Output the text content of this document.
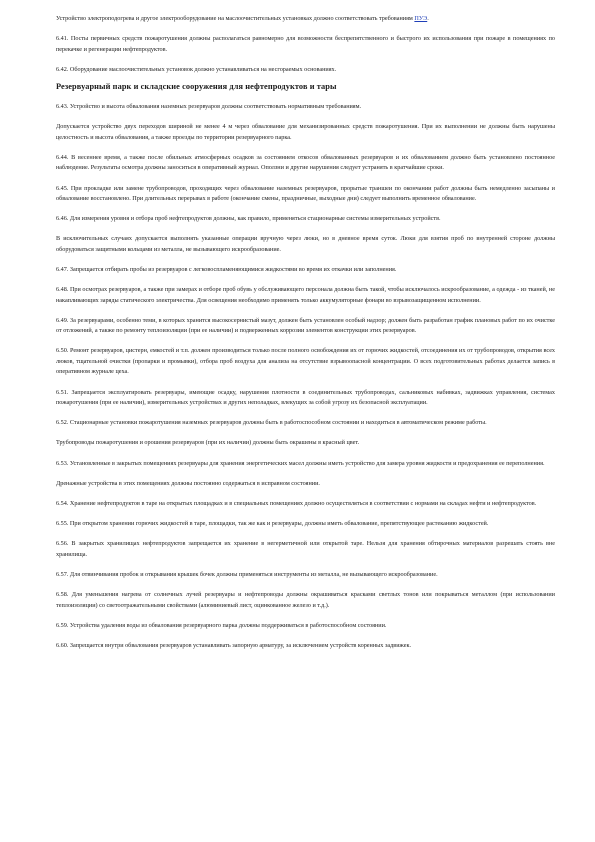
Устройство электроподогрева и другое электрооборудование на маслоочистительных установках должно соответствовать требованиям ПУЭ.

6.41. Посты первичных средств пожаротушения должны располагаться равномерно для возможности беспрепятственного и быстрого их использования при пожаре в помещениях по перекачке и регенерации нефтепродуктов.

6.42. Оборудование маслоочистительных установок должно устанавливаться на несгораемых основаниях.

Резервуарный парк и складские сооружения для нефтепродуктов и тары

6.43. Устройство и высота обвалования наземных резервуаров должны соответствовать нормативным требованиям.

Допускается устройство двух переходов шириной не менее 4 м через обвалование для механизированных средств пожаротушения. При их выполнении не должны быть нарушены целостность и высота обвалования, а также проезды по территории резервуарного парка.

6.44. В весеннее время, а также после обильных атмосферных осадков за состоянием откосов обвалованных резервуаров и их обвалованием должно быть установлено постоянное наблюдение. Результаты осмотра должны заноситься в оперативный журнал. Оползни и другие нарушения следует устранять в кратчайшие сроки.

6.45. При прокладке или замене трубопроводов, проходящих через обвалование наземных резервуаров, прорытые траншеи по окончании работ должны быть немедленно засыпаны и обвалование восстановлено. При длительных перерывах в работе (окончание смены, праздничные, выходные дни) следует выполнить временное обвалование.

6.46. Для измерения уровня и отбора проб нефтепродуктов должны, как правило, применяться стационарные системы измерительных устройств.

В исключительных случаях допускается выполнять указанные операции вручную через люки, но в дневное время суток. Люки для взятия проб по внутренней стороне должны оборудоваться защитными кольцами из металла, не вызывающего искрообразование.

6.47. Запрещается отбирать пробы из резервуаров с легковоспламеняющимися жидкостями во время их откачки или заполнения.

6.48. При осмотрах резервуаров, а также при замерах и отборе проб обувь у обслуживающего персонала должна быть такой, чтобы исключалось искрообразование, а одежда - из тканей, не накапливающих заряды статического электричества. Для освещения необходимо применять только аккумуляторные фонари во взрывозащищенном исполнении.

6.49. За резервуарами, особенно теми, в которых хранится высокосернистый мазут, должен быть установлен особый надзор; должен быть разработан график плановых работ по их очистке от отложений, а также по ремонту теплоизоляции (при ее наличии) и подверженных коррозии элементов конструкции этих резервуаров.

6.50. Ремонт резервуаров, цистерн, емкостей и т.п. должен производиться только после полного освобождения их от горючих жидкостей, отсоединения их от трубопроводов, открытия всех люков, тщательной очистки (пропарки и промывки), отбора проб воздуха для анализа на отсутствие взрывоопасной концентрации. О всех подготовительных работах делается запись в оперативном журнале цеха.

6.51. Запрещается эксплуатировать резервуары, имеющие осадку, нарушения плотности в соединительных трубопроводах, сальниковых набивках, задвижках управления, системах пожаротушения (при ее наличии), измерительных устройствах и других неполадках, влекущих за собой угрозу их безопасной эксплуатации.

6.52. Стационарные установки пожаротушения наземных резервуаров должны быть в работоспособном состоянии и находиться в автоматическом режиме работы.

Трубопроводы пожаротушения и орошения резервуаров (при их наличии) должны быть окрашены в красный цвет.

6.53. Установленные в закрытых помещениях резервуары для хранения энергетических масел должны иметь устройство для замера уровня жидкости и предохранения ее переполнения.

Дренажные устройства в этих помещениях должны постоянно содержаться в исправном состоянии.

6.54. Хранение нефтепродуктов в таре на открытых площадках и в специальных помещениях должно осуществляться в соответствии с нормами на складах нефти и нефтепродуктов.

6.55. При открытом хранении горючих жидкостей в таре, площадки, так же как и резервуары, должны иметь обвалование, препятствующее растеканию жидкостей.

6.56. В закрытых хранилищах нефтепродуктов запрещается их хранение в негерметичной или открытой таре. Нельзя для хранения обтирочных материалов разрешать стоять вне хранилища.

6.57. Для отвинчивания пробок и открывания крышек бочек должны применяться инструменты из металла, не вызывающего искрообразование.

6.58. Для уменьшения нагрева от солнечных лучей резервуары и нефтепроводы должны окрашиваться красками светлых тонов или покрываться металлом (при использовании теплоизоляции) со светоотражательными свойствами (алюминиевый лист, оцинкованное железо и т.д.).

6.59. Устройства удаления воды из обвалования резервуарного парка должны поддерживаться в работоспособном состоянии.

6.60. Запрещается внутри обвалования резервуаров устанавливать запорную арматуру, за исключением устройств коренных задвижек.
